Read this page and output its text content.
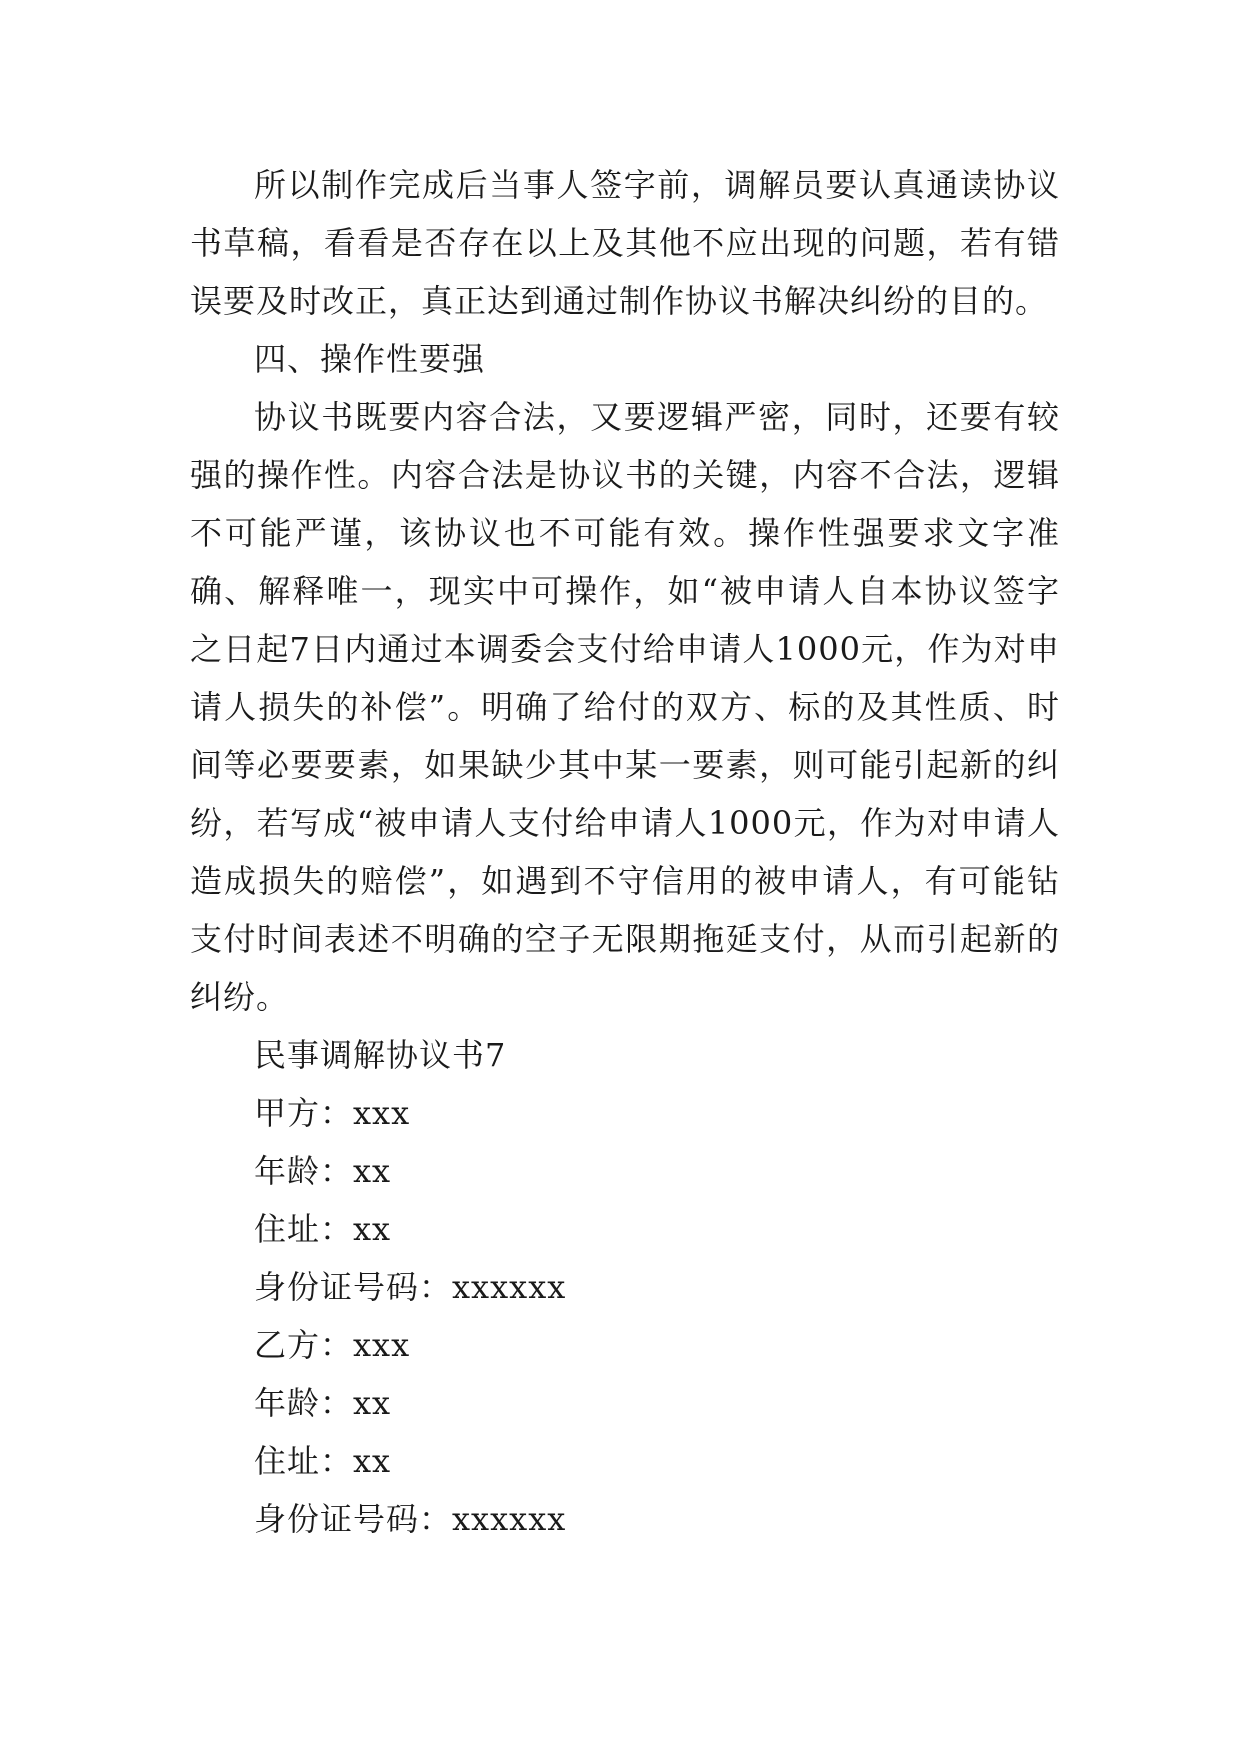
所以制作完成后当事人签字前，调解员要认真通读协议书草稿，看看是否存在以上及其他不应出现的问题，若有错误要及时改正，真正达到通过制作协议书解决纠纷的目的。

四、操作性要强

协议书既要内容合法，又要逻辑严密，同时，还要有较强的操作性。内容合法是协议书的关键，内容不合法，逻辑不可能严谨，该协议也不可能有效。操作性强要求文字准确、解释唯一，现实中可操作，如“被申请人自本协议签字之日起7日内通过本调委会支付给申请人1000元，作为对申请人损失的补偿”。明确了给付的双方、标的及其性质、时间等必要要素，如果缺少其中某一要素，则可能引起新的纠纷，若写成“被申请人支付给申请人1000元，作为对申请人造成损失的赔偿”，如遇到不守信用的被申请人，有可能钻支付时间表述不明确的空子无限期拖延支付，从而引起新的纠纷。

民事调解协议书7

甲方：xxx

年龄：xx

住址：xx

身份证号码：xxxxxx

乙方：xxx

年龄：xx

住址：xx

身份证号码：xxxxxx
